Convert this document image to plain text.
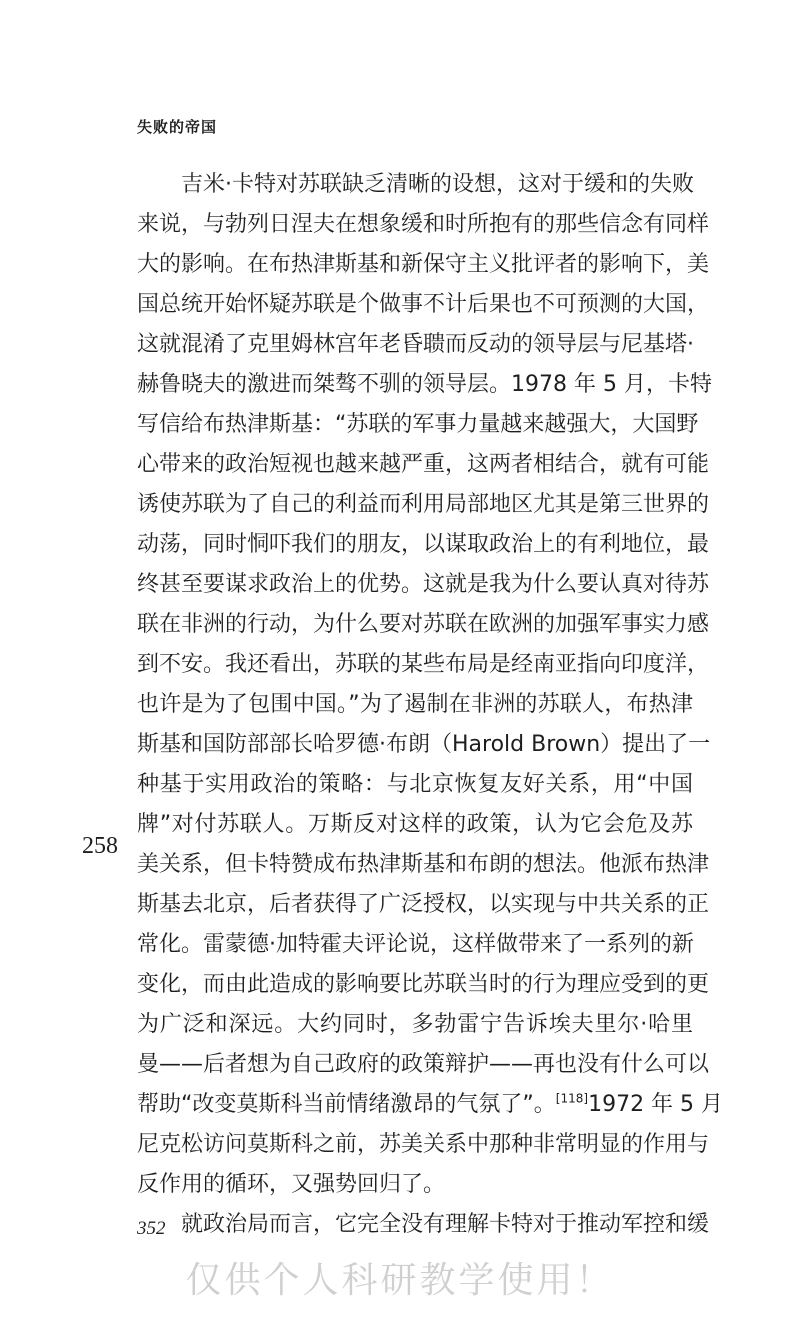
失败的帝国
吉米·卡特对苏联缺乏清晰的设想，这对于缓和的失败
来说，与勃列日涅夫在想象缓和时所抱有的那些信念有同样
大的影响。在布热津斯基和新保守主义批评者的影响下，美
国总统开始怀疑苏联是个做事不计后果也不可预测的大国，
这就混淆了克里姆林宫年老昏聩而反动的领导层与尼基塔·
赫鲁晓夫的激进而桀骜不驯的领导层。1978 年 5 月，卡特
写信给布热津斯基：“苏联的军事力量越来越强大，大国野
心带来的政治短视也越来越严重，这两者相结合，就有可能
诱使苏联为了自己的利益而利用局部地区尤其是第三世界的
动荡，同时恫吓我们的朋友，以谋取政治上的有利地位，最
终甚至要谋求政治上的优势。这就是我为什么要认真对待苏
联在非洲的行动，为什么要对苏联在欧洲的加强军事实力感
到不安。我还看出，苏联的某些布局是经南亚指向印度洋，
也许是为了包围中国。”为了遏制在非洲的苏联人，布热津
斯基和国防部部长哈罗德·布朗（Harold Brown）提出了一
种基于实用政治的策略：与北京恢复友好关系，用“中国
牌”对付苏联人。万斯反对这样的政策，认为它会危及苏
美关系，但卡特赞成布热津斯基和布朗的想法。他派布热津
斯基去北京，后者获得了广泛授权，以实现与中共关系的正
常化。雷蒙德·加特霍夫评论说，这样做带来了一系列的新
变化，而由此造成的影响要比苏联当时的行为理应受到的更
为广泛和深远。大约同时，多勃雷宁告诉埃夫里尔·哈里
曼——后者想为自己政府的政策辩护——再也没有什么可以
帮助“改变莫斯科当前情绪激昂的气氛了”。[118]1972 年 5 月
尼克松访问莫斯科之前，苏美关系中那种非常明显的作用与
反作用的循环，又强势回归了。
就政治局而言，它完全没有理解卡特对于推动军控和缓
258
352
仅供个人科研教学使用！
